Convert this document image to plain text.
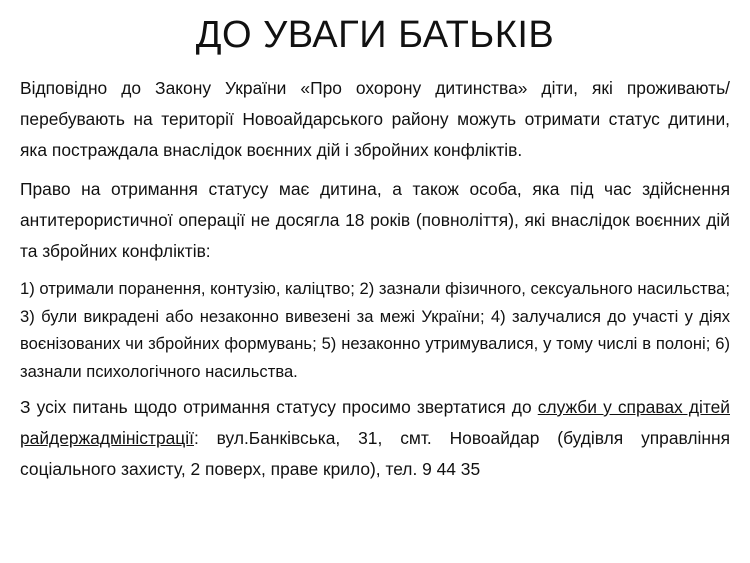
ДО УВАГИ БАТЬКІВ

Відповідно до Закону України «Про охорону дитинства» діти, які проживають/перебувають на території Новоайдарського району можуть отримати статус дитини, яка постраждала внаслідок воєнних дій і збройних конфліктів.

Право на отримання статусу має дитина, а також особа, яка під час здійснення антитерористичної операції не досягла 18 років (повноліття), які внаслідок воєнних дій та збройних конфліктів:

1) отримали поранення, контузію, каліцтво; 2) зазнали фізичного, сексуального насильства; 3) були викрадені або незаконно вивезені за межі України; 4) залучалися до участі у діях воєнізованих чи збройних формувань; 5) незаконно утримувалися, у тому числі в полоні; 6) зазнали психологічного насильства.

З усіх питань щодо отримання статусу просимо звертатися до служби у справах дітей райдержадміністрації: вул.Банківська, 31, смт. Новоайдар (будівля управління соціального захисту, 2 поверх, праве крило), тел. 9 44 35
